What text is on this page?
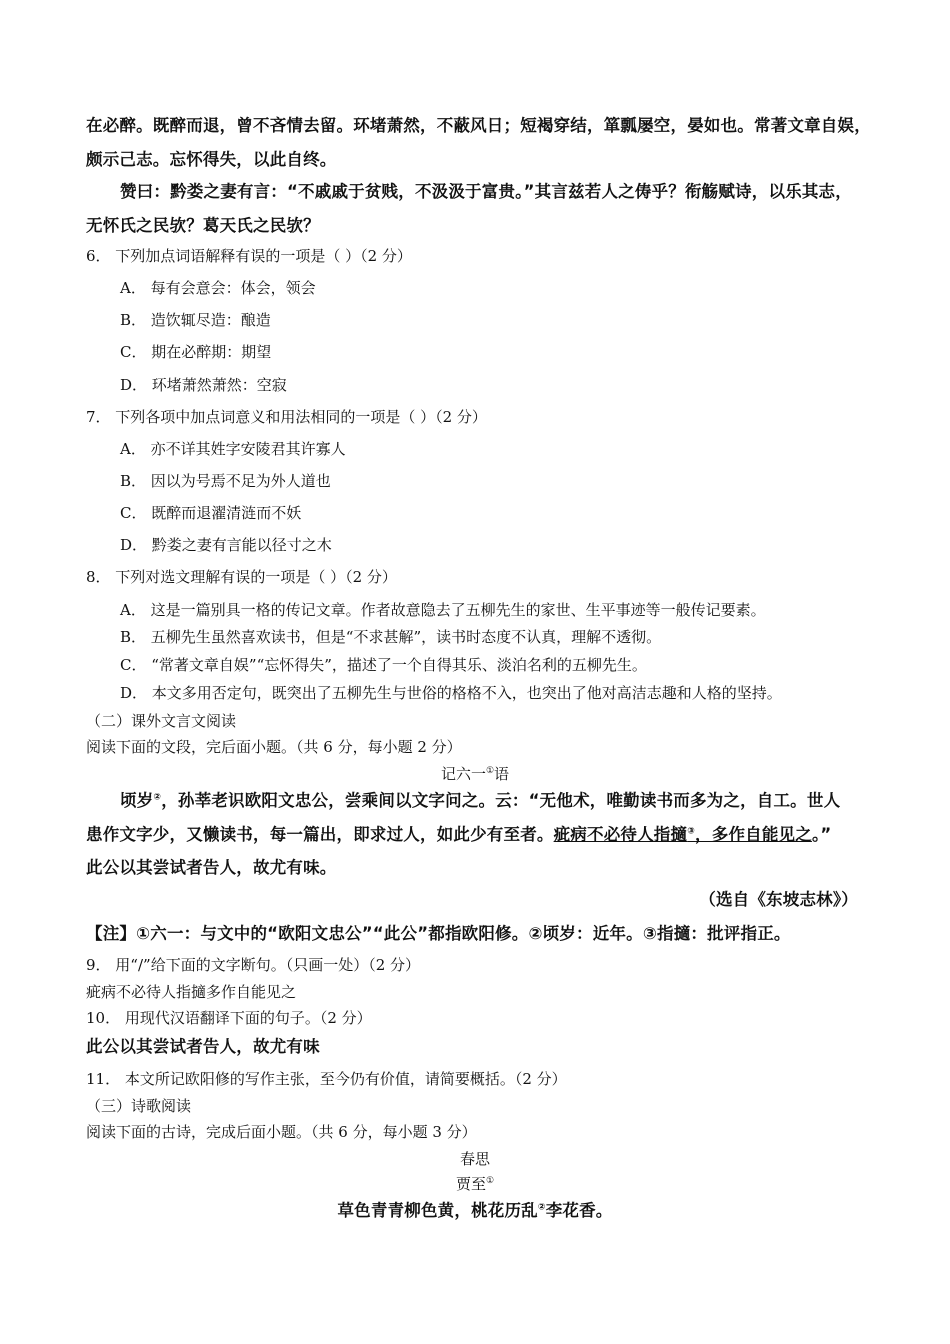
在必醉。既醉而退，曾不吝情去留。环堵萧然，不蔽风日；短褐穿结，箪瓢屡空，晏如也。常著文章自娱，
颇示己志。忘怀得失，以此自终。
赞曰：黔娄之妻有言：“不戚戚于贫贱，不汲汲于富贵。”其言兹若人之俦乎？衔觞赋诗，以乐其志，
无怀氏之民欤？葛天氏之民欤？
6． 下列加点词语解释有误的一项是（ ）（2 分）
A． 每有会意会：体会，领会
B． 造饮辄尽造：酿造
C． 期在必醉期：期望
D． 环堵萧然萧然：空寂
7． 下列各项中加点词意义和用法相同的一项是（ ）（2 分）
A． 亦不详其姓字安陵君其许寡人
B． 因以为号焉不足为外人道也
C． 既醉而退濯清涟而不妖
D． 黔娄之妻有言能以径寸之木
8． 下列对选文理解有误的一项是（ ）（2 分）
A． 这是一篇别具一格的传记文章。作者故意隐去了五柳先生的家世、生平事迹等一般传记要素。
B． 五柳先生虽然喜欢读书，但是“不求甚解”，读书时态度不认真，理解不透彻。
C． “常著文章自娱”“忘怀得失”，描述了一个自得其乐、淡泊名利的五柳先生。
D． 本文多用否定句，既突出了五柳先生与世俗的格格不入，也突出了他对高洁志趣和人格的坚持。
（二）课外文言文阅读
阅读下面的文段，完后面小题。（共 6 分，每小题 2 分）
记六一①语
顷岁②，孙莘老识欧阳文忠公，尝乘间以文字问之。云：“无他术，唯勤读书而多为之，自工。世人
患作文字少，又懒读书，每一篇出，即求过人，如此少有至者。疵病不必待人指擿③，多作自能见之。”
此公以其尝试者告人，故尤有味。
（选自《东坡志林》）
【注】①六一：与文中的“欧阳文忠公”“此公”都指欧阳修。②顷岁：近年。③指擿：批评指正。
9． 用“/”给下面的文字断句。（只画一处）（2 分）
疵病不必待人指擿多作自能见之
10． 用现代汉语翻译下面的句子。（2 分）
此公以其尝试者告人，故尤有味
11． 本文所记欧阳修的写作主张，至今仍有价值，请简要概括。（2 分）
（三）诗歌阅读
阅读下面的古诗，完成后面小题。（共 6 分，每小题 3 分）
春思
贾至①
草色青青柳色黄，桃花历乱②李花香。
